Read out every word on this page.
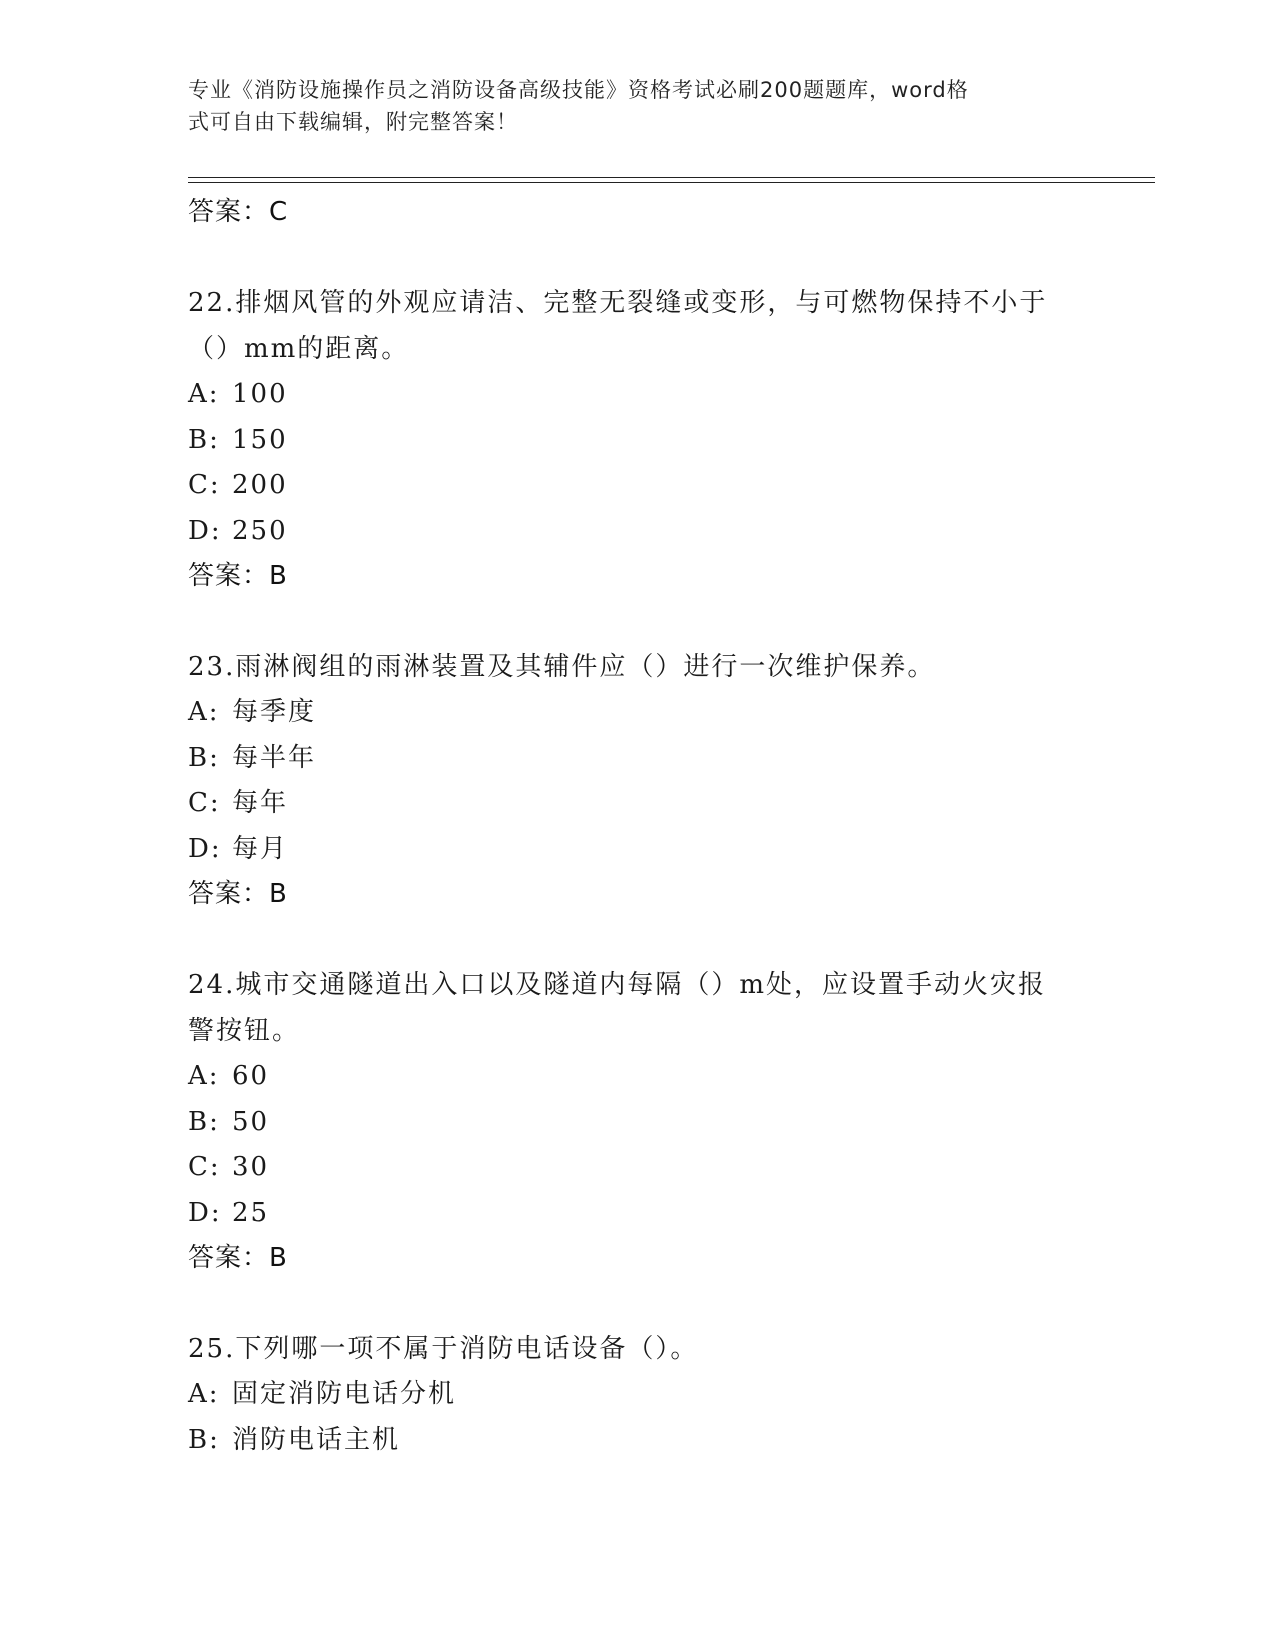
专业《消防设施操作员之消防设备高级技能》资格考试必刷200题题库，word格
式可自由下载编辑，附完整答案！
答案：C
22.排烟风管的外观应请洁、完整无裂缝或变形，与可燃物保持不小于
（）mm的距离。
A: 100
B: 150
C: 200
D: 250
答案：B
23.雨淋阀组的雨淋装置及其辅件应（）进行一次维护保养。
A: 每季度
B: 每半年
C: 每年
D: 每月
答案：B
24.城市交通隧道出入口以及隧道内每隔（）m处，应设置手动火灾报
警按钮。
A: 60
B: 50
C: 30
D: 25
答案：B
25.下列哪一项不属于消防电话设备（）。
A: 固定消防电话分机
B: 消防电话主机
